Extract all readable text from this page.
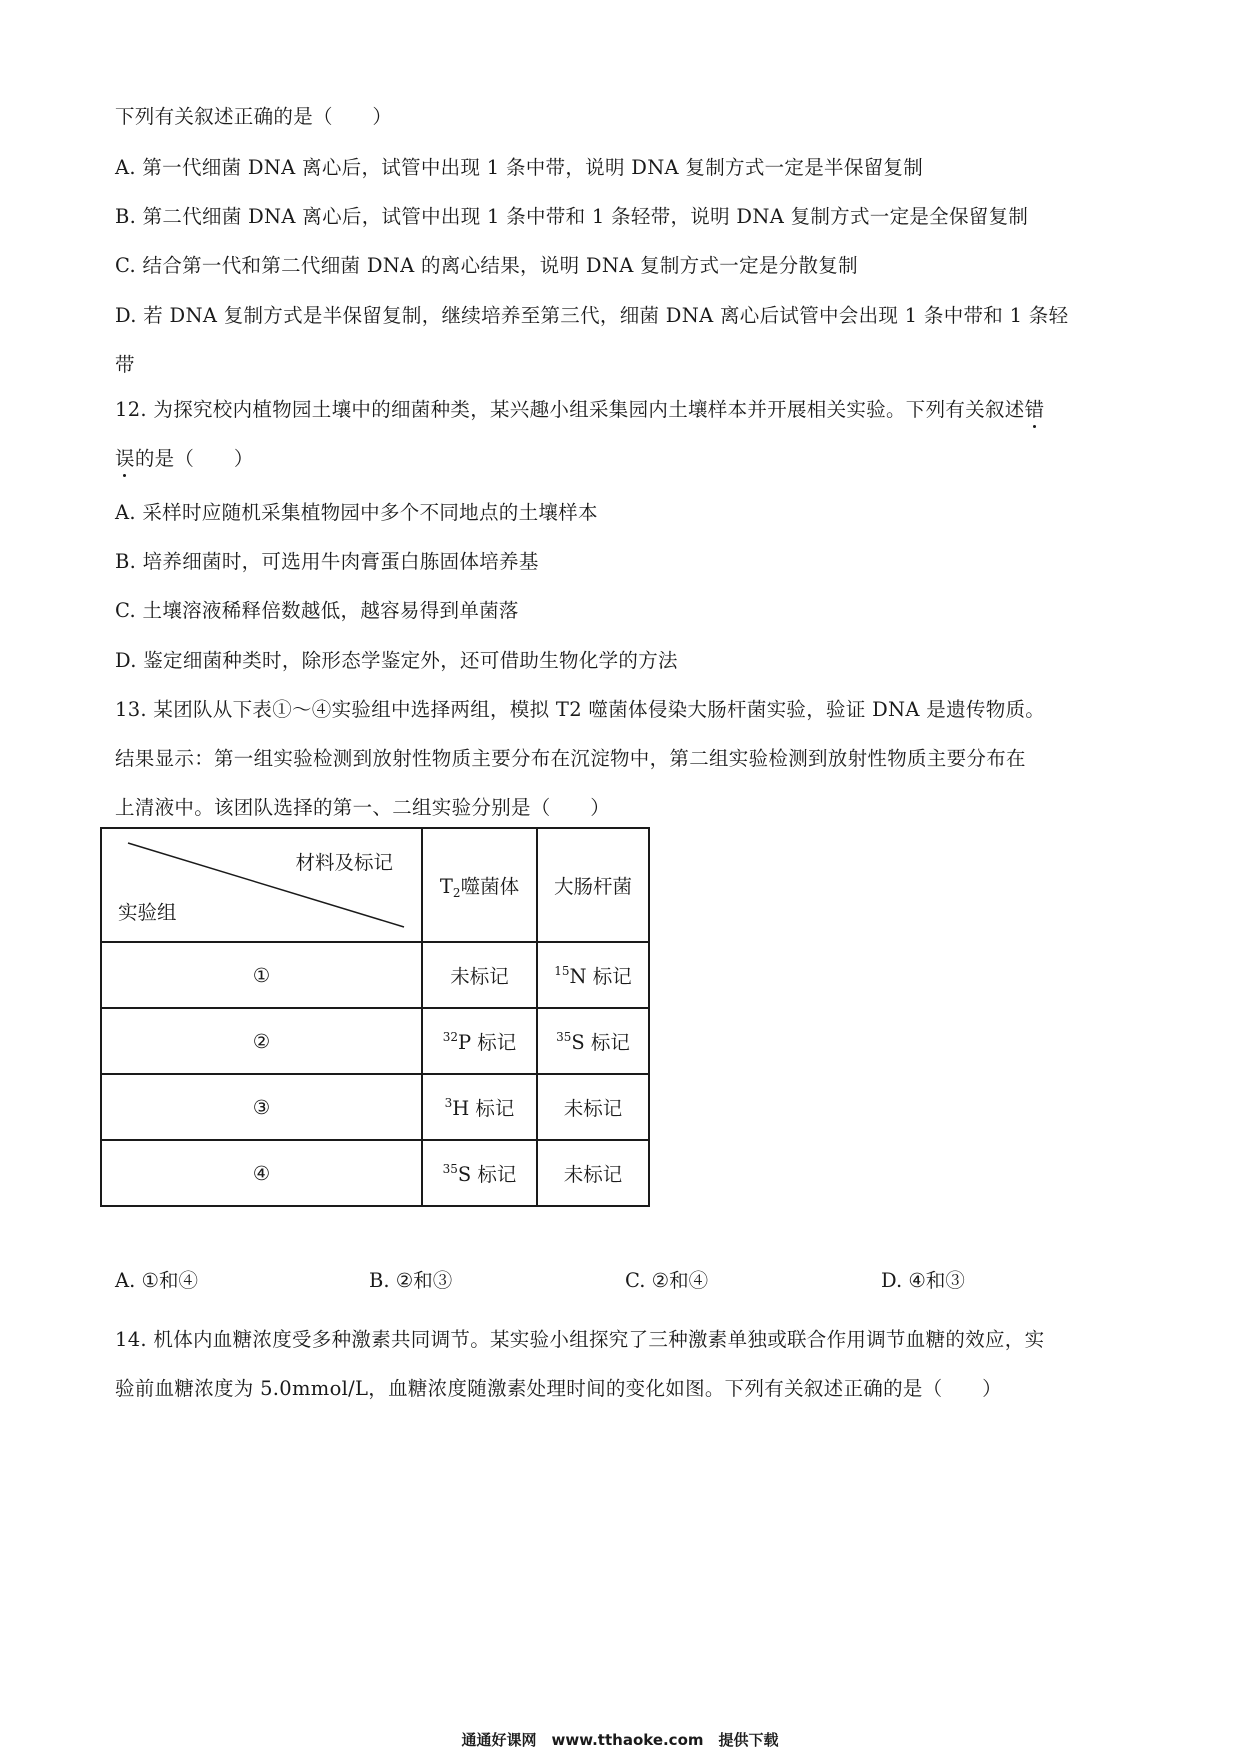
下列有关叙述正确的是（　　）
A. 第一代细菌 DNA 离心后，试管中出现 1 条中带，说明 DNA 复制方式一定是半保留复制
B. 第二代细菌 DNA 离心后，试管中出现 1 条中带和 1 条轻带，说明 DNA 复制方式一定是全保留复制
C. 结合第一代和第二代细菌 DNA 的离心结果，说明 DNA 复制方式一定是分散复制
D. 若 DNA 复制方式是半保留复制，继续培养至第三代，细菌 DNA 离心后试管中会出现 1 条中带和 1 条轻
带
12. 为探究校内植物园土壤中的细菌种类，某兴趣小组采集园内土壤样本并开展相关实验。下列有关叙述错
误的是（　　）
A. 采样时应随机采集植物园中多个不同地点的土壤样本
B. 培养细菌时，可选用牛肉膏蛋白胨固体培养基
C. 土壤溶液稀释倍数越低，越容易得到单菌落
D. 鉴定细菌种类时，除形态学鉴定外，还可借助生物化学的方法
13. 某团队从下表①～④实验组中选择两组，模拟 T2 噬菌体侵染大肠杆菌实验，验证 DNA 是遗传物质。
结果显示：第一组实验检测到放射性物质主要分布在沉淀物中，第二组实验检测到放射性物质主要分布在
上清液中。该团队选择的第一、二组实验分别是（　　）
材料及标记
实验组	$T_2$噬菌体	大肠杆菌
①	未标记	$^{15}$N 标记
②	$^{32}$P 标记	$^{35}$S 标记
③	$^3$H 标记	未标记
④	$^{35}$S 标记	未标记
A. ①和④	B. ②和③	C. ②和④	D. ④和③
14. 机体内血糖浓度受多种激素共同调节。某实验小组探究了三种激素单独或联合作用调节血糖的效应，实
验前血糖浓度为 5.0mmol/L，血糖浓度随激素处理时间的变化如图。下列有关叙述正确的是（　　）
通通好课网　www.tthaoke.com　提供下载
